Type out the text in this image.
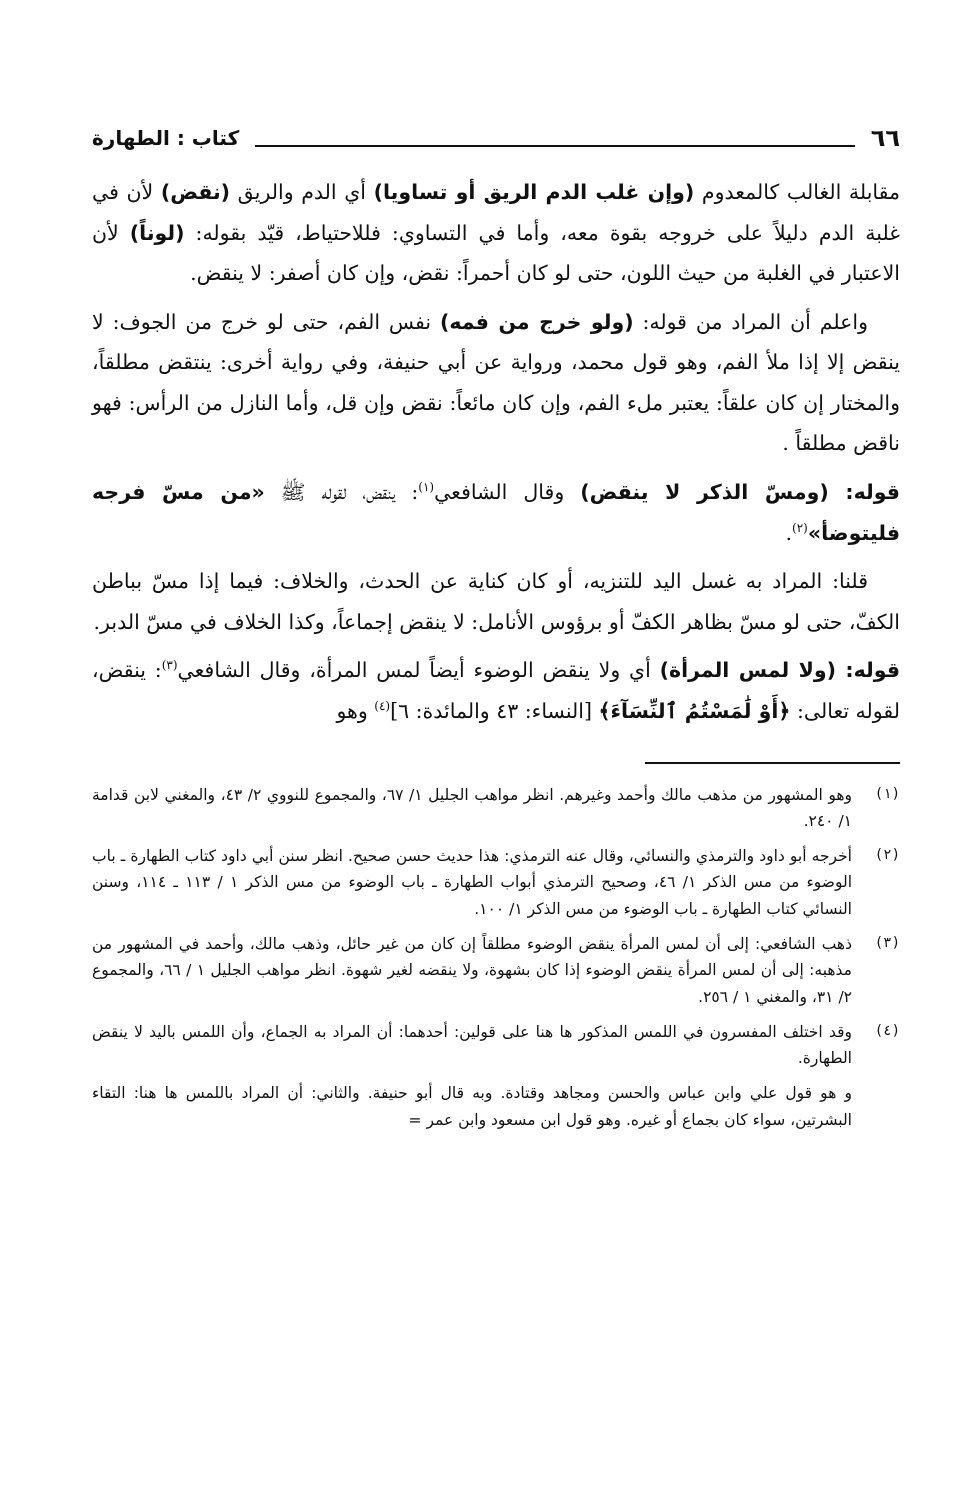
٦٦
كتاب : الطهارة

مقابلة الغالب كالمعدوم (وإن غلب الدم الريق أو تساويا) أي الدم والريق (نقض) لأن في غلبة الدم دليلاً على خروجه بقوة معه، وأما في التساوي: فللاحتياط، قيّد بقوله: (لوناً) لأن الاعتبار في الغلبة من حيث اللون، حتى لو كان أحمراً: نقض، وإن كان أصفر: لا ينقض.

واعلم أن المراد من قوله: (ولو خرج من فمه) نفس الفم، حتى لو خرج من الجوف: لا ينقض إلا إذا ملأ الفم، وهو قول محمد، ورواية عن أبي حنيفة، وفي رواية أخرى: ينتقض مطلقاً، والمختار إن كان علقاً: يعتبر ملء الفم، وإن كان مائعاً: نقض وإن قل، وأما النازل من الرأس: فهو ناقض مطلقاً .

قوله: (ومسّ الذكر لا ينقض) وقال الشافعي$^{(١)}$: ينقض، لقوله ﷺ «من مسّ فرجه فليتوضأ»$^{(٢)}$.

قلنا: المراد به غسل اليد للتنزيه، أو كان كناية عن الحدث، والخلاف: فيما إذا مسّ بباطن الكفّ، حتى لو مسّ بظاهر الكفّ أو برؤوس الأنامل: لا ينقض إجماعاً، وكذا الخلاف في مسّ الدبر.

قوله: (ولا لمس المرأة) أي ولا ينقض الوضوء أيضاً لمس المرأة، وقال الشافعي$^{(٣)}$: ينقض، لقوله تعالى: ﴿أَوْ لَٰمَسْتُمُ ٱلنِّسَآءَ﴾ [النساء: ٤٣ والمائدة: ٦]$^{(٤)}$ وهو

(١)
وهو المشهور من مذهب مالك وأحمد وغيرهم. انظر مواهب الجليل ١/ ٦٧، والمجموع للنووي ٢/ ٤٣، والمغني لابن قدامة ١/ ٢٤٠.
(٢)
أخرجه أبو داود والترمذي والنسائي، وقال عنه الترمذي: هذا حديث حسن صحيح. انظر سنن أبي داود كتاب الطهارة ـ باب الوضوء من مس الذكر ١/ ٤٦، وصحيح الترمذي أبواب الطهارة ـ باب الوضوء من مس الذكر ١ / ١١٣ ـ ١١٤، وسنن النسائي كتاب الطهارة ـ باب الوضوء من مس الذكر ١/ ١٠٠.
(٣)
ذهب الشافعي: إلى أن لمس المرأة ينقض الوضوء مطلقاً إن كان من غير حائل، وذهب مالك، وأحمد في المشهور من مذهبه: إلى أن لمس المرأة ينقض الوضوء إذا كان بشهوة، ولا ينقضه لغير شهوة. انظر مواهب الجليل ١ / ٦٦، والمجموع ٢/ ٣١، والمغني ١ / ٢٥٦.
(٤)
وقد اختلف المفسرون في اللمس المذكور ها هنا على قولين: أحدهما: أن المراد به الجماع، وأن اللمس باليد لا ينقض الطهارة.
و هو قول علي وابن عباس والحسن ومجاهد وقتادة. وبه قال أبو حنيفة. والثاني: أن المراد باللمس ها هنا: التقاء البشرتين، سواء كان بجماع أو غيره. وهو قول ابن مسعود وابن عمر =
